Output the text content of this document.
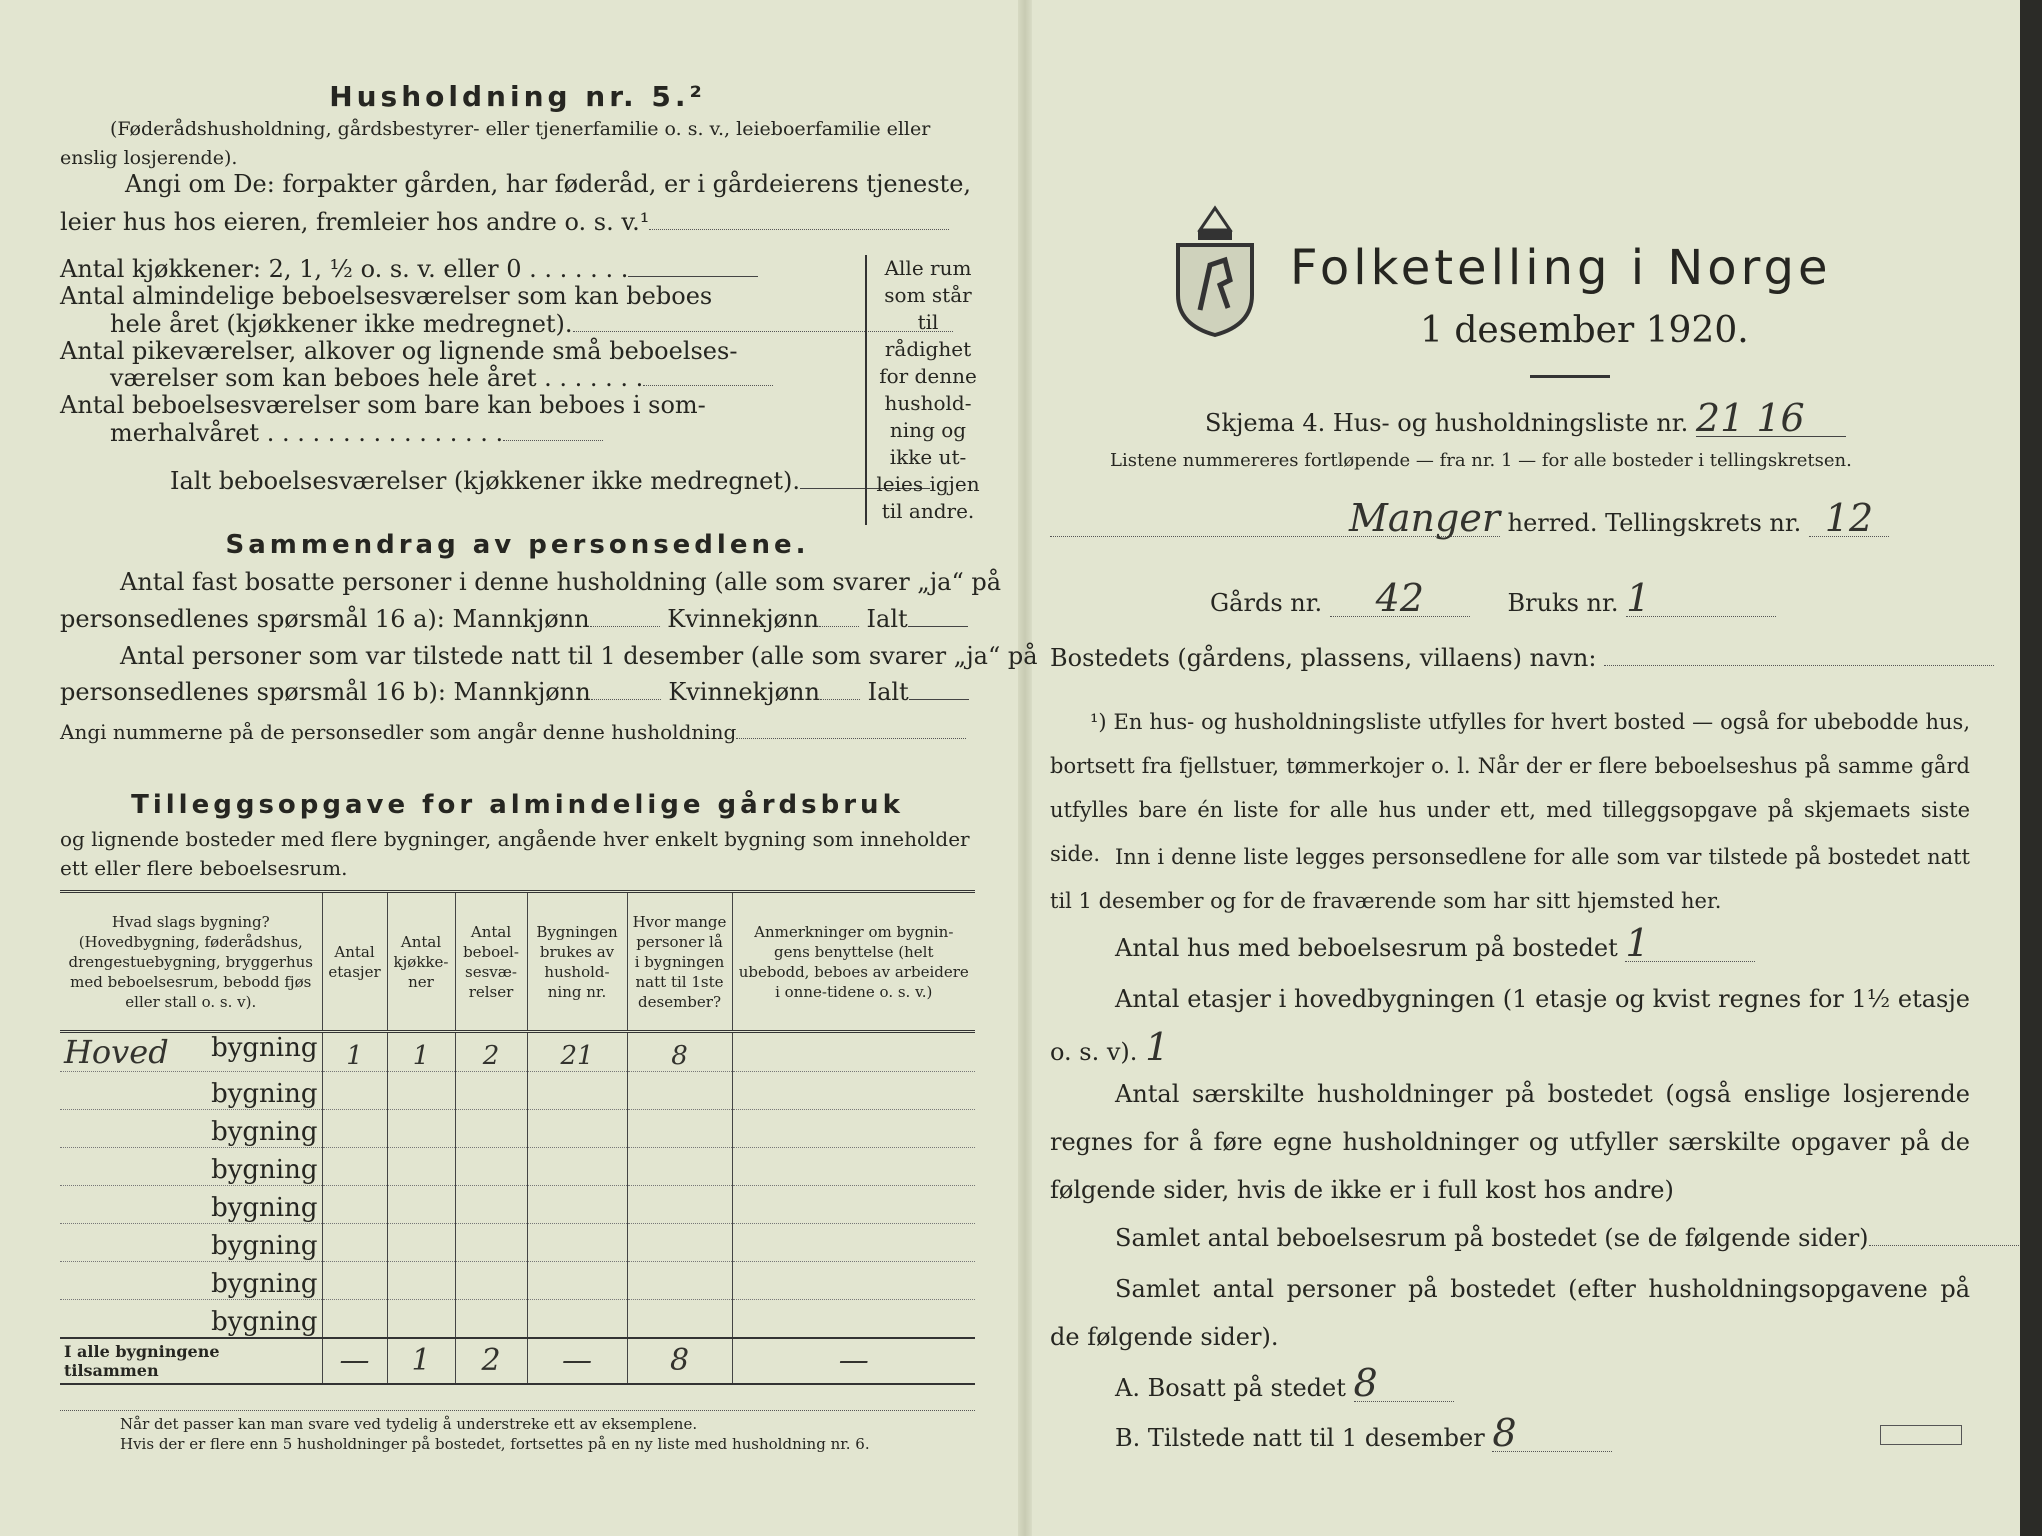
Husholdning nr. 5.²
(Føderådshusholdning, gårdsbestyrer- eller tjenerfamilie o. s. v., leieboerfamilie eller enslig losjerende).
Angi om De: forpakter gården, har føderåd, er i gårdeierens tjeneste,
leier hus hos eieren, fremleier hos andre o. s. v.¹
Antal kjøkkener: 2, 1, ½ o. s. v. eller 0 . . . . . . .
Antal almindelige beboelsesværelser som kan beboes
hele året (kjøkkener ikke medregnet).
Antal pikeværelser, alkover og lignende små beboelses-
værelser som kan beboes hele året . . . . . . .
Antal beboelsesværelser som bare kan beboes i som-
merhalvåret . . . . . . . . . . . . . . . .
Ialt beboelsesværelser (kjøkkener ikke medregnet).
Alle rum som står til rådighet for denne hushold-ning og ikke ut-leies igjen til andre.
Sammendrag av personsedlene.
Antal fast bosatte personer i denne husholdning (alle som svarer „ja“ på
personsedlenes spørsmål 16 a): Mannkjønn	Kvinnekjønn Ialt
Antal personer som var tilstede natt til 1 desember (alle som svarer „ja“ på
personsedlenes spørsmål 16 b): Mannkjønn	Kvinnekjønn Ialt
Angi nummerne på de personsedler som angår denne husholdning
Tilleggsopgave for almindelige gårdsbruk
og lignende bosteder med flere bygninger, angående hver enkelt bygning som inneholder ett eller flere beboelsesrum.
Hvad slags bygning? (Hovedbygning, føderådshus, drengestuebygning, bryggerhus med beboelsesrum, bebodd fjøs eller stall o. s. v).	Antal etasjer	Antal kjøkke-ner	Antal beboel-sesvæ-relser	Bygningen brukes av hushold-ning nr.	Hvor mange personer lå i bygningen natt til 1ste desember?	Anmerkninger om bygnin-gens benyttelse (helt ubebodd, beboes av arbeidere i onne-tidene o. s. v.)

Hoved bygning	1	1	2	21	8	

bygning						

bygning						

bygning						

bygning						

bygning						

bygning						

bygning						
I alle bygningene tilsammen	—	1	2	—	8	—
Når det passer kan man svare ved tydelig å understreke ett av eksemplene.
Hvis der er flere enn 5 husholdninger på bostedet, fortsettes på en ny liste med husholdning nr. 6.
Folketelling i Norge
1 desember 1920.
Skjema 4. Hus- og husholdningsliste nr. 21 16
Listene nummereres fortløpende — fra nr. 1 — for alle bosteder i tellingskretsen.
Manger herred. Tellingskrets nr. 12
Gårds nr. 42	Bruks nr. 1
Bostedets (gårdens, plassens, villaens) navn:
¹) En hus- og husholdningsliste utfylles for hvert bosted — også for ubebodde hus, bortsett fra fjellstuer, tømmerkojer o. l. Når der er flere beboelseshus på samme gård utfylles bare én liste for alle hus under ett, med tilleggsopgave på skjemaets siste side. Inn i denne liste legges personsedlene for alle som var tilstede på bostedet natt til 1 desember og for de fraværende som har sitt hjemsted her.
Antal hus med beboelsesrum på bostedet 1
Antal etasjer i hovedbygningen (1 etasje og kvist regnes for 1½ etasje o. s. v). 1
Antal særskilte husholdninger på bostedet (også enslige losjerende regnes for å føre egne husholdninger og utfyller særskilte opgaver på de følgende sider, hvis de ikke er i full kost hos andre)
Samlet antal beboelsesrum på bostedet (se de følgende sider)
Samlet antal personer på bostedet (efter husholdningsopgavene på de følgende sider).
A. Bosatt på stedet 8
B. Tilstede natt til 1 desember 8
